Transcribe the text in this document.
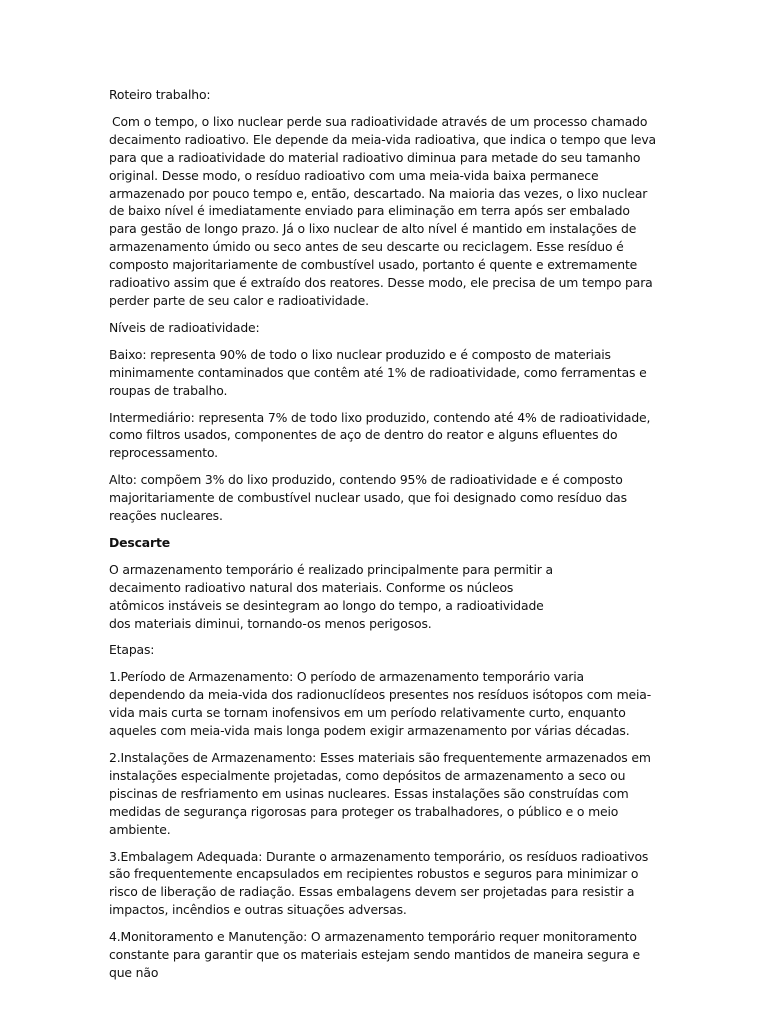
Roteiro trabalho:

Com o tempo, o lixo nuclear perde sua radioatividade através de um processo chamado decaimento radioativo. Ele depende da meia-vida radioativa, que indica o tempo que leva para que a radioatividade do material radioativo diminua para metade do seu tamanho original. Desse modo, o resíduo radioativo com uma meia-vida baixa permanece armazenado por pouco tempo e, então, descartado. Na maioria das vezes, o lixo nuclear de baixo nível é imediatamente enviado para eliminação em terra após ser embalado para gestão de longo prazo. Já o lixo nuclear de alto nível é mantido em instalações de armazenamento úmido ou seco antes de seu descarte ou reciclagem. Esse resíduo é composto majoritariamente de combustível usado, portanto é quente e extremamente radioativo assim que é extraído dos reatores. Desse modo, ele precisa de um tempo para perder parte de seu calor e radioatividade.

Níveis de radioatividade:

Baixo: representa 90% de todo o lixo nuclear produzido e é composto de materiais minimamente contaminados que contêm até 1% de radioatividade, como ferramentas e roupas de trabalho.

Intermediário: representa 7% de todo lixo produzido, contendo até 4% de radioatividade, como filtros usados, componentes de aço de dentro do reator e alguns efluentes do reprocessamento.

Alto: compõem 3% do lixo produzido, contendo 95% de radioatividade e é composto majoritariamente de combustível nuclear usado, que foi designado como resíduo das reações nucleares.

Descarte

O armazenamento temporário é realizado principalmente para permitir a decaimento radioativo natural dos materiais. Conforme os núcleos atômicos instáveis se desintegram ao longo do tempo, a radioatividade dos materiais diminui, tornando-os menos perigosos.

Etapas:

1.Período de Armazenamento: O período de armazenamento temporário varia dependendo da meia-vida dos radionuclídeos presentes nos resíduos isótopos com meia-vida mais curta se tornam inofensivos em um período relativamente curto, enquanto aqueles com meia-vida mais longa podem exigir armazenamento por várias décadas.

2.Instalações de Armazenamento: Esses materiais são frequentemente armazenados em instalações especialmente projetadas, como depósitos de armazenamento a seco ou piscinas de resfriamento em usinas nucleares. Essas instalações são construídas com medidas de segurança rigorosas para proteger os trabalhadores, o público e o meio ambiente.

3.Embalagem Adequada: Durante o armazenamento temporário, os resíduos radioativos são frequentemente encapsulados em recipientes robustos e seguros para minimizar o risco de liberação de radiação. Essas embalagens devem ser projetadas para resistir a impactos, incêndios e outras situações adversas.

4.Monitoramento e Manutenção: O armazenamento temporário requer monitoramento constante para garantir que os materiais estejam sendo mantidos de maneira segura e que não
